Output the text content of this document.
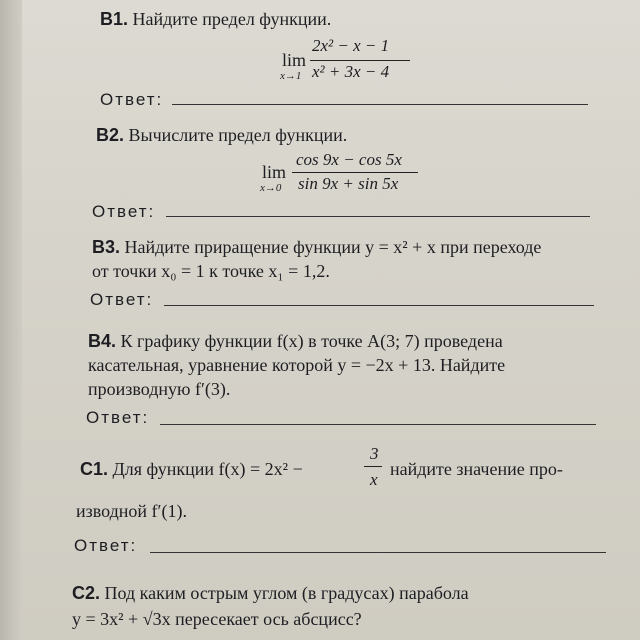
B1. Найдите предел функции.
lim
x→1
2x² − x − 1
x² + 3x − 4
Ответ:
B2. Вычислите предел функции.
lim
x→0
cos 9x − cos 5x
sin 9x + sin 5x
Ответ:
B3. Найдите приращение функции y = x² + x при переходе
от точки x₀ = 1 к точке x₁ = 1,2.
Ответ:
B4. К графику функции f(x) в точке A(3; 7) проведена
касательная, уравнение которой y = −2x + 13. Найдите
производную f′(3).
Ответ:
C1. Для функции f(x) = 2x² −
3
x
найдите значение про-
изводной f′(1).
Ответ:
C2. Под каким острым углом (в градусах) парабола
y = 3x² + √3x пересекает ось абсцисс?
